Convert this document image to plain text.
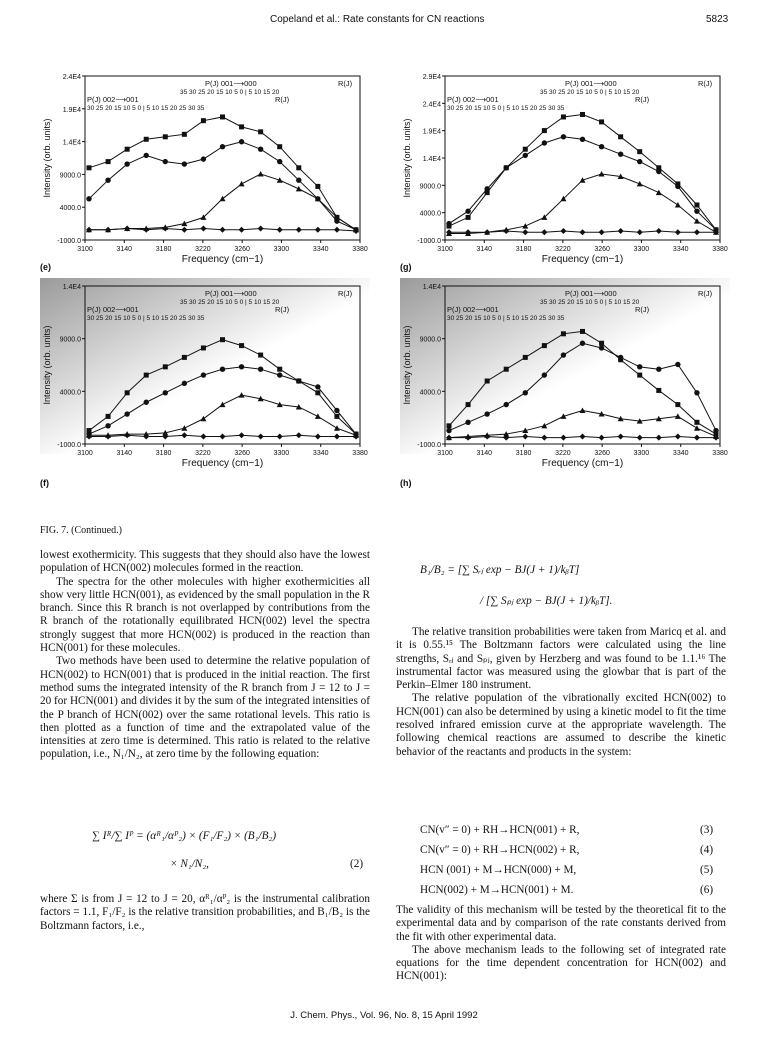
Copeland et al.: Rate constants for CN reactions	5823
2.4E4
1.9E4
1.4E4
9000.0
4000.0
-1000.0
3100	3140	3180	3220	3260	3300	3340	3380
Frequency (cm−1)
Intensity (orb. units)
P(J) 001⟶000	R(J)
35 30 25 20 15 10 5 0 | 5 10 15 20
P(J) 002⟶001	R(J)
30 25 20 15 10 5 0 | 5 10 15 20 25 30 35
2.9E4
2.4E4
1.9E4
1.4E4
9000.0
4000.0
-1000.0
3100	3140	3180	3220	3260	3300	3340	3380
Frequency (cm−1)
Intensity (orb. units)
P(J) 001⟶000	R(J)
35 30 25 20 15 10 5 0 | 5 10 15 20
P(J) 002⟶001	R(J)
30 25 20 15 10 5 0 | 5 10 15 20 25 30 35
1.4E4
9000.0
4000.0
-1000.0
3100	3140	3180	3220	3260	3300	3340	3380
Frequency (cm−1)
Intensity (orb. units)
P(J) 001⟶000	R(J)
35 30 25 20 15 10 5 0 | 5 10 15 20
P(J) 002⟶001	R(J)
30 25 20 15 10 5 0 | 5 10 15 20 25 30 35
1.4E4
9000.0
4000.0
-1000.0
3100	3140	3180	3220	3260	3300	3340	3380
Frequency (cm−1)
Intensity (orb. units)
P(J) 001⟶000	R(J)
35 30 25 20 15 10 5 0 | 5 10 15 20
P(J) 002⟶001	R(J)
30 25 20 15 10 5 0 | 5 10 15 20 25 30 35
(e)	(g)
(f)	(h)
FIG. 7. (Continued.)

lowest exothermicity. This suggests that they should also have the lowest population of HCN(002) molecules formed in the reaction.

The spectra for the other molecules with higher exothermicities all show very little HCN(001), as evidenced by the small population in the R branch. Since this R branch is not overlapped by contributions from the R branch of the rotationally equilibrated HCN(002) level the spectra strongly suggest that more HCN(002) is produced in the reaction than HCN(001) for these molecules.

Two methods have been used to determine the relative population of HCN(002) to HCN(001) that is produced in the initial reaction. The first method sums the integrated intensity of the R branch from J = 12 to J = 20 for HCN(001) and divides it by the sum of the integrated intensities of the P branch of HCN(002) over the same rotational levels. This ratio is then plotted as a function of time and the extrapolated value of the intensities at zero time is determined. This ratio is related to the relative population, i.e., N₁/N₂, at zero time by the following equation:

∑ Iᴿ/∑ Iᴾ = (αᴿ₁/αᴾ₂) × (F₁/F₂) × (B₁/B₂)
× N₁/N₂,	(2)
where Σ is from J = 12 to J = 20, αᴿ₁/αᴾ₂ is the instrumental calibration factors = 1.1, F₁/F₂ is the relative transition probabilities, and B₁/B₂ is the Boltzmann factors, i.e.,
B₁/B₂ = [∑ Sᵣⱼ exp − BJ(J + 1)/kᵦT]
/ [∑ Sₚⱼ exp − BJ(J + 1)/kᵦT].

The relative transition probabilities were taken from Maricq et al. and it is 0.55.¹⁵ The Boltzmann factors were calculated using the line strengths, Sᵣⱼ and Sₚⱼ, given by Herzberg and was found to be 1.1.¹⁶ The instrumental factor was measured using the glowbar that is part of the Perkin–Elmer 180 instrument.

The relative population of the vibrationally excited HCN(002) to HCN(001) can also be determined by using a kinetic model to fit the time resolved infrared emission curve at the appropriate wavelength. The following chemical reactions are assumed to describe the kinetic behavior of the reactants and products in the system:

CN(v″ = 0) + RH→HCN(001) + R,	(3)
CN(v″ = 0) + RH→HCN(002) + R,	(4)
HCN (001) + M→HCN(000) + M,	(5)
HCN(002) + M→HCN(001) + M.	(6)

The validity of this mechanism will be tested by the theoretical fit to the experimental data and by comparison of the rate constants derived from the fit with other experimental data.

The above mechanism leads to the following set of integrated rate equations for the time dependent concentration for HCN(002) and HCN(001):

J. Chem. Phys., Vol. 96, No. 8, 15 April 1992
